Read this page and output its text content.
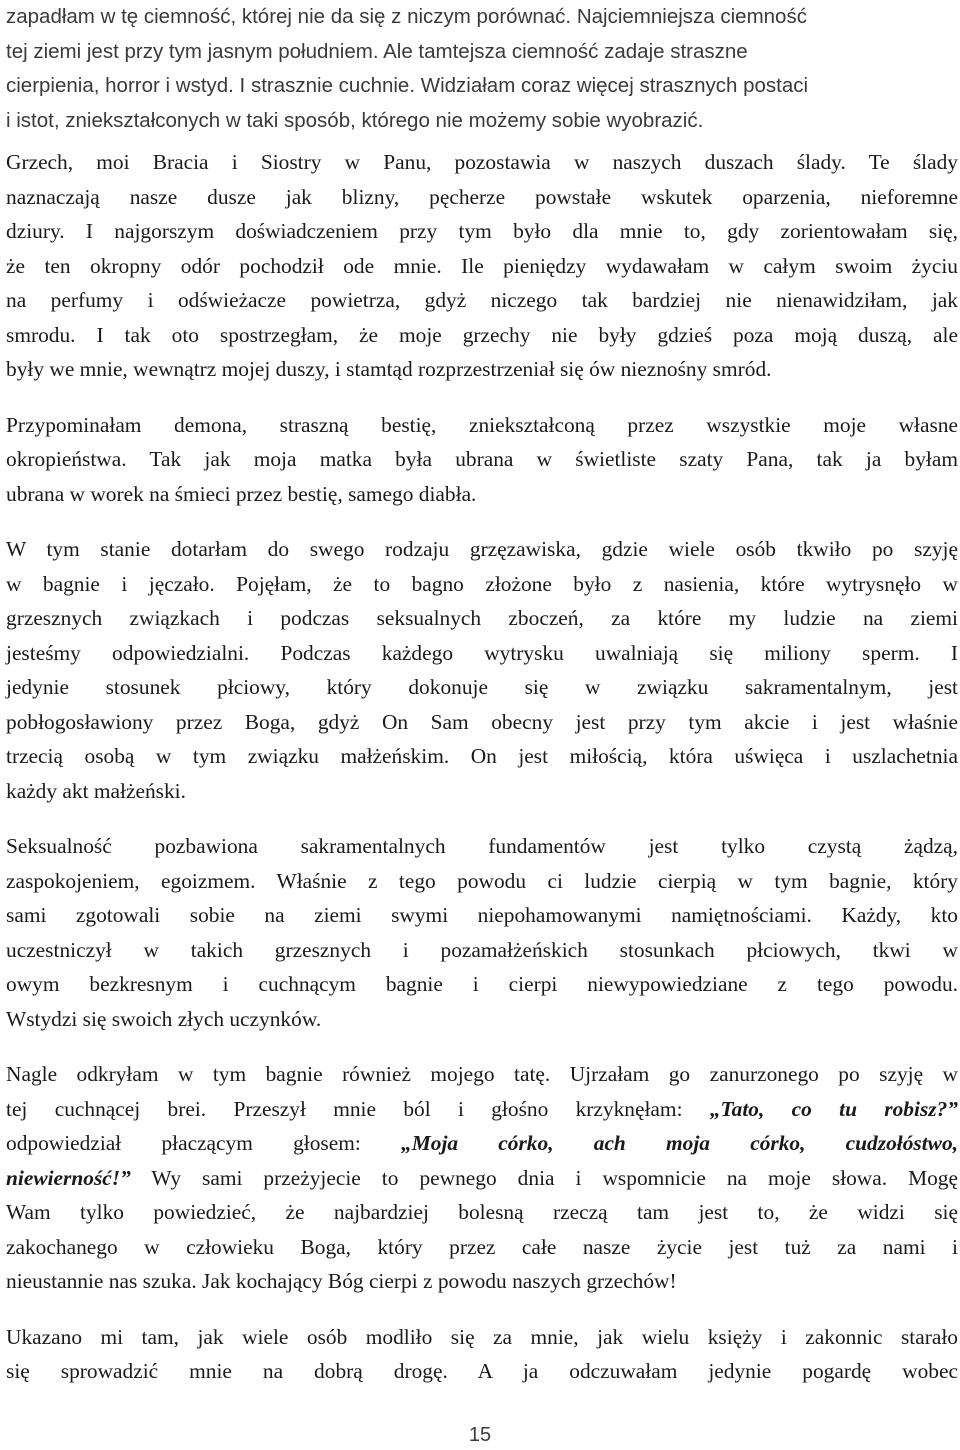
zapadłam w tę ciemność, której nie da się z niczym porównać. Najciemniejsza ciemność
tej ziemi jest przy tym jasnym południem. Ale tamtejsza ciemność zadaje straszne
cierpienia, horror i wstyd. I strasznie cuchnie. Widziałam coraz więcej strasznych postaci
i istot, zniekształconych w taki sposób, którego nie możemy sobie wyobrazić.

Grzech, moi Bracia i Siostry w Panu, pozostawia w naszych duszach ślady. Te ślady
naznaczają nasze dusze jak blizny, pęcherze powstałe wskutek oparzenia, nieforemne
dziury. I najgorszym doświadczeniem przy tym było dla mnie to, gdy zorientowałam się,
że ten okropny odór pochodził ode mnie. Ile pieniędzy wydawałam w całym swoim życiu
na perfumy i odświeżacze powietrza, gdyż niczego tak bardziej nie nienawidziłam, jak
smrodu. I tak oto spostrzegłam, że moje grzechy nie były gdzieś poza moją duszą, ale
były we mnie, wewnątrz mojej duszy, i stamtąd rozprzestrzeniał się ów nieznośny smród.

Przypominałam demona, straszną bestię, zniekształconą przez wszystkie moje własne
okropieństwa. Tak jak moja matka była ubrana w świetliste szaty Pana, tak ja byłam
ubrana w worek na śmieci przez bestię, samego diabła.

W tym stanie dotarłam do swego rodzaju grzęzawiska, gdzie wiele osób tkwiło po szyję
w bagnie i jęczało. Pojęłam, że to bagno złożone było z nasienia, które wytrysnęło w
grzesznych związkach i podczas seksualnych zboczeń, za które my ludzie na ziemi
jesteśmy odpowiedzialni. Podczas każdego wytrysku uwalniają się miliony sperm. I
jedynie stosunek płciowy, który dokonuje się w związku sakramentalnym, jest
pobłogosławiony przez Boga, gdyż On Sam obecny jest przy tym akcie i jest właśnie
trzecią osobą w tym związku małżeńskim. On jest miłością, która uświęca i uszlachetnia
każdy akt małżeński.

Seksualność pozbawiona sakramentalnych fundamentów jest tylko czystą żądzą,
zaspokojeniem, egoizmem. Właśnie z tego powodu ci ludzie cierpią w tym bagnie, który
sami zgotowali sobie na ziemi swymi niepohamowanymi namiętnościami. Każdy, kto
uczestniczył w takich grzesznych i pozamałżeńskich stosunkach płciowych, tkwi w
owym bezkresnym i cuchnącym bagnie i cierpi niewypowiedziane z tego powodu.
Wstydzi się swoich złych uczynków.

Nagle odkryłam w tym bagnie również mojego tatę. Ujrzałam go zanurzonego po szyję w
tej cuchnącej brei. Przeszył mnie ból i głośno krzyknęłam: „Tato, co tu robisz?”
odpowiedział płaczącym głosem: „Moja córko, ach moja córko, cudzołóstwo,
niewierność!” Wy sami przeżyjecie to pewnego dnia i wspomnicie na moje słowa. Mogę
Wam tylko powiedzieć, że najbardziej bolesną rzeczą tam jest to, że widzi się
zakochanego w człowieku Boga, który przez całe nasze życie jest tuż za nami i
nieustannie nas szuka. Jak kochający Bóg cierpi z powodu naszych grzechów!

Ukazano mi tam, jak wiele osób modliło się za mnie, jak wielu księży i zakonnic starało
się sprowadzić mnie na dobrą drogę. A ja odczuwałam jedynie pogardę wobec

15
